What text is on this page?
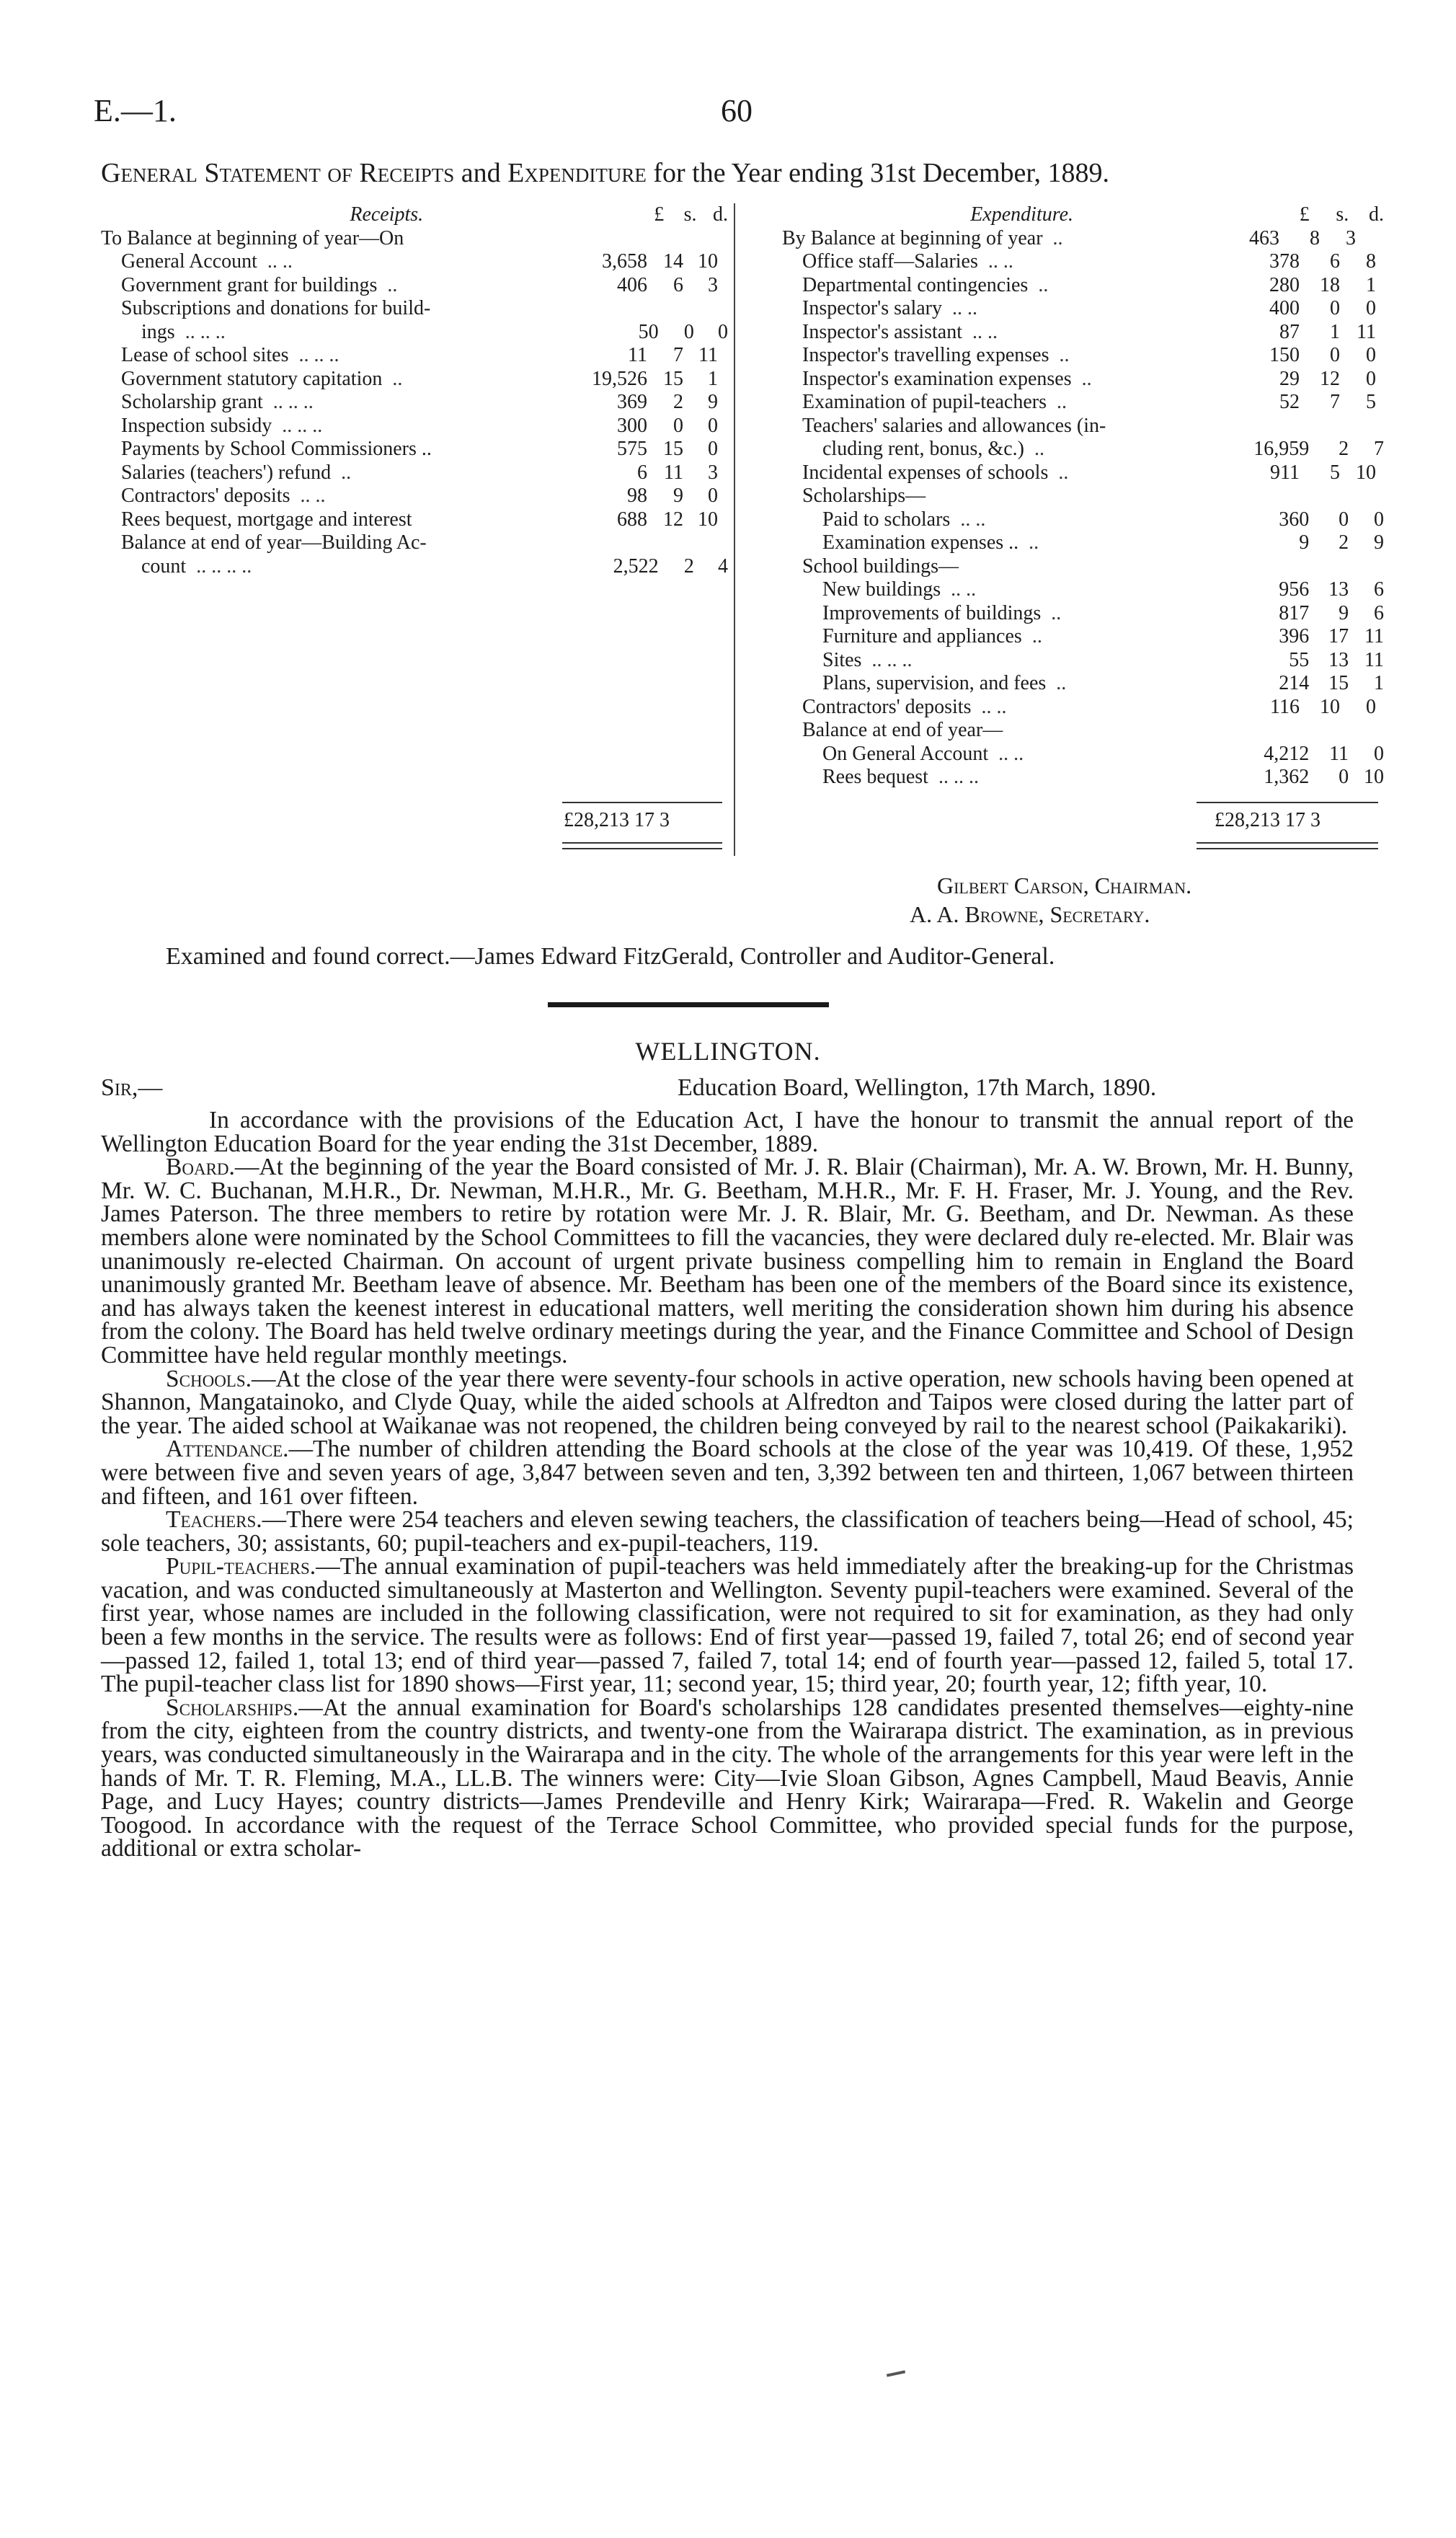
E.—1.	60
General Statement of Receipts and Expenditure for the Year ending 31st December, 1889.
Receipts.	£ s. d.
To Balance at beginning of year—On
General Account .. ..	3,658 14 10
Government grant for buildings ..	406	6	3
Subscriptions and donations for build-
ings .. .. ..	50	0	0
Lease of school sites .. .. ..	11	7 11
Government statutory capitation ..	19,526 15	1
Scholarship grant .. .. ..	369	2	9
Inspection subsidy .. .. ..	300	0	0
Payments by School Commissioners ..	575 15	0
Salaries (teachers') refund ..	6 11	3
Contractors' deposits .. ..	98	9	0
Rees bequest, mortgage and interest	688 12 10
Balance at end of year—Building Ac-
count .. .. .. ..	2,522	2	4
Expenditure.	£	s. d.
By Balance at beginning of year ..	463	8	3
Office staff—Salaries .. ..	378	6	8
Departmental contingencies ..	280	18	1
Inspector's salary .. ..	400	0	0
Inspector's assistant .. ..	87	1 11
Inspector's travelling expenses ..	150	0	0
Inspector's examination expenses ..	29	12	0
Examination of pupil-teachers ..	52	7	5
Teachers' salaries and allowances (in-
cluding rent, bonus, &c.) ..	16,959	2	7
Incidental expenses of schools ..	911	5 10
Scholarships—
Paid to scholars .. ..	360	0	0
Examination expenses .. ..	9	2	9
School buildings—
New buildings .. ..	956 13	6
Improvements of buildings ..	817	9	6
Furniture and appliances ..	396 17 11
Sites .. .. ..	55 13 11
Plans, supervision, and fees ..	214 15	1
Contractors' deposits .. ..	116	10	0
Balance at end of year—
On General Account .. ..	4,212 11	0
Rees bequest .. .. ..	1,362	0 10
£28,213 17 3	£28,213 17 3
Gilbert Carson, Chairman.
A. A. Browne, Secretary.
Examined and found correct.—James Edward FitzGerald, Controller and Auditor-General.
WELLINGTON.
Sir,—	Education Board, Wellington, 17th March, 1890.

In accordance with the provisions of the Education Act, I have the honour to transmit the annual report of the Wellington Education Board for the year ending the 31st December, 1889.

Board.—At the beginning of the year the Board consisted of Mr. J. R. Blair (Chairman), Mr. A. W. Brown, Mr. H. Bunny, Mr. W. C. Buchanan, M.H.R., Dr. Newman, M.H.R., Mr. G. Beetham, M.H.R., Mr. F. H. Fraser, Mr. J. Young, and the Rev. James Paterson. The three members to retire by rotation were Mr. J. R. Blair, Mr. G. Beetham, and Dr. Newman. As these members alone were nominated by the School Committees to fill the vacancies, they were declared duly re-elected. Mr. Blair was unanimously re-elected Chairman. On account of urgent private business compelling him to remain in England the Board unanimously granted Mr. Beetham leave of absence. Mr. Beetham has been one of the members of the Board since its existence, and has always taken the keenest interest in educational matters, well meriting the consideration shown him during his absence from the colony. The Board has held twelve ordinary meetings during the year, and the Finance Committee and School of Design Committee have held regular monthly meetings.

Schools.—At the close of the year there were seventy-four schools in active operation, new schools having been opened at Shannon, Mangatainoko, and Clyde Quay, while the aided schools at Alfredton and Taipos were closed during the latter part of the year. The aided school at Waikanae was not reopened, the children being conveyed by rail to the nearest school (Paikakariki).

Attendance.—The number of children attending the Board schools at the close of the year was 10,419. Of these, 1,952 were between five and seven years of age, 3,847 between seven and ten, 3,392 between ten and thirteen, 1,067 between thirteen and fifteen, and 161 over fifteen.

Teachers.—There were 254 teachers and eleven sewing teachers, the classification of teachers being—Head of school, 45; sole teachers, 30; assistants, 60; pupil-teachers and ex-pupil-teachers, 119.

Pupil-teachers.—The annual examination of pupil-teachers was held immediately after the breaking-up for the Christmas vacation, and was conducted simultaneously at Masterton and Wellington. Seventy pupil-teachers were examined. Several of the first year, whose names are included in the following classification, were not required to sit for examination, as they had only been a few months in the service. The results were as follows: End of first year—passed 19, failed 7, total 26; end of second year—passed 12, failed 1, total 13; end of third year—passed 7, failed 7, total 14; end of fourth year—passed 12, failed 5, total 17. The pupil-teacher class list for 1890 shows—First year, 11; second year, 15; third year, 20; fourth year, 12; fifth year, 10.

Scholarships.—At the annual examination for Board's scholarships 128 candidates presented themselves—eighty-nine from the city, eighteen from the country districts, and twenty-one from the Wairarapa district. The examination, as in previous years, was conducted simultaneously in the Wairarapa and in the city. The whole of the arrangements for this year were left in the hands of Mr. T. R. Fleming, M.A., LL.B. The winners were: City—Ivie Sloan Gibson, Agnes Campbell, Maud Beavis, Annie Page, and Lucy Hayes; country districts—James Prendeville and Henry Kirk; Wairarapa—Fred. R. Wakelin and George Toogood. In accordance with the request of the Terrace School Committee, who provided special funds for the purpose, additional or extra scholar-
